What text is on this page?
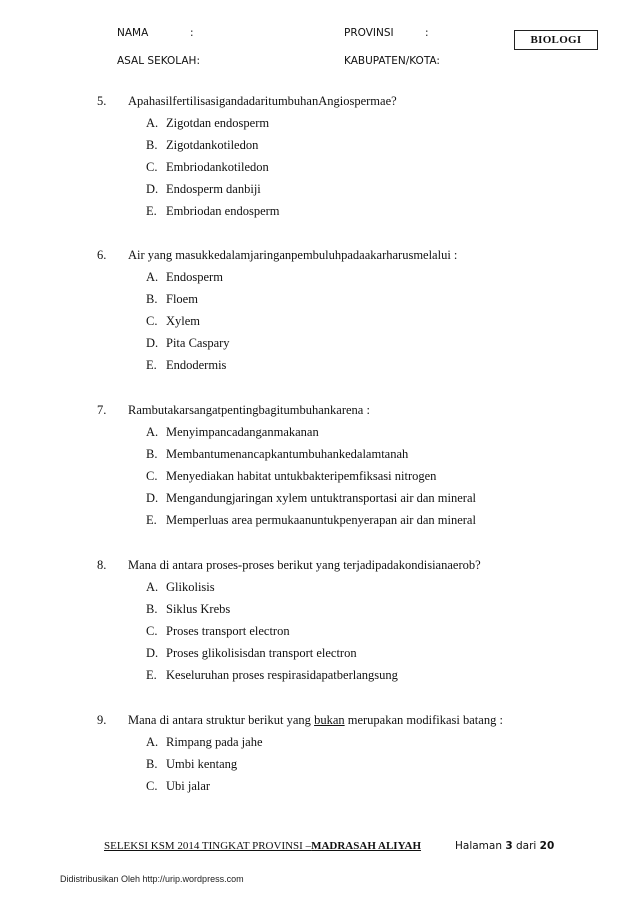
NAMA	:	PROVINSI	:
ASAL SEKOLAH:	KABUPATEN/KOTA:
BIOLOGI
5. ApahasilfertilisasigandadaritumbuhanAngiospermae?
A. Zigotdan endosperm
B. Zigotdankotiledon
C. Embriodankotiledon
D. Endosperm danbiji
E. Embriodan endosperm
6. Air yang masukkedalamjaringanpembuluhpadaakarharusmelalui :
A. Endosperm
B. Floem
C. Xylem
D. Pita Caspary
E. Endodermis
7. Rambutakarsangatpentingbagitumbuhankarena :
A. Menyimpancadanganmakanan
B. Membantumenancapkantumbuhankedalamtanah
C. Menyediakan habitat untukbakteripemfiksasi nitrogen
D. Mengandungjaringan xylem untuktransportasi air dan mineral
E. Memperluas area permukaanuntukpenyerapan air dan mineral
8. Mana di antara proses-proses berikut yang terjadipadakondisianaerob?
A. Glikolisis
B. Siklus Krebs
C. Proses transport electron
D. Proses glikolisisdan transport electron
E. Keseluruhan proses respirasidapatberlangsung
9. Mana di antara struktur berikut yang bukan merupakan modifikasi batang :
A. Rimpang pada jahe
B. Umbi kentang
C. Ubi jalar
SELEKSI KSM 2014 TINGKAT PROVINSI –MADRASAH ALIYAH	Halaman 3 dari 20
Didistribusikan Oleh http://urip.wordpress.com
